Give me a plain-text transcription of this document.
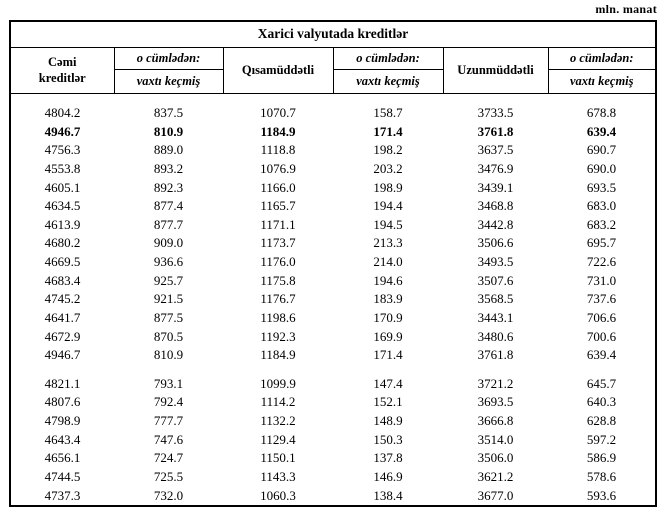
mln. manat
Xarici valyutada kreditlər
Cəmi
kreditlər	o cümlədən:	Qısamüddətli	o cümlədən:	Uzunmüddətli	o cümlədən:
	vaxtı keçmiş		vaxtı keçmiş		vaxtı keçmiş

4804.2	837.5	1070.7	158.7	3733.5	678.8
4946.7	810.9	1184.9	171.4	3761.8	639.4
4756.3	889.0	1118.8	198.2	3637.5	690.7
4553.8	893.2	1076.9	203.2	3476.9	690.0
4605.1	892.3	1166.0	198.9	3439.1	693.5
4634.5	877.4	1165.7	194.4	3468.8	683.0
4613.9	877.7	1171.1	194.5	3442.8	683.2
4680.2	909.0	1173.7	213.3	3506.6	695.7
4669.5	936.6	1176.0	214.0	3493.5	722.6
4683.4	925.7	1175.8	194.6	3507.6	731.0
4745.2	921.5	1176.7	183.9	3568.5	737.6
4641.7	877.5	1198.6	170.9	3443.1	706.6
4672.9	870.5	1192.3	169.9	3480.6	700.6
4946.7	810.9	1184.9	171.4	3761.8	639.4

4821.1	793.1	1099.9	147.4	3721.2	645.7
4807.6	792.4	1114.2	152.1	3693.5	640.3
4798.9	777.7	1132.2	148.9	3666.8	628.8
4643.4	747.6	1129.4	150.3	3514.0	597.2
4656.1	724.7	1150.1	137.8	3506.0	586.9
4744.5	725.5	1143.3	146.9	3621.2	578.6
4737.3	732.0	1060.3	138.4	3677.0	593.6
